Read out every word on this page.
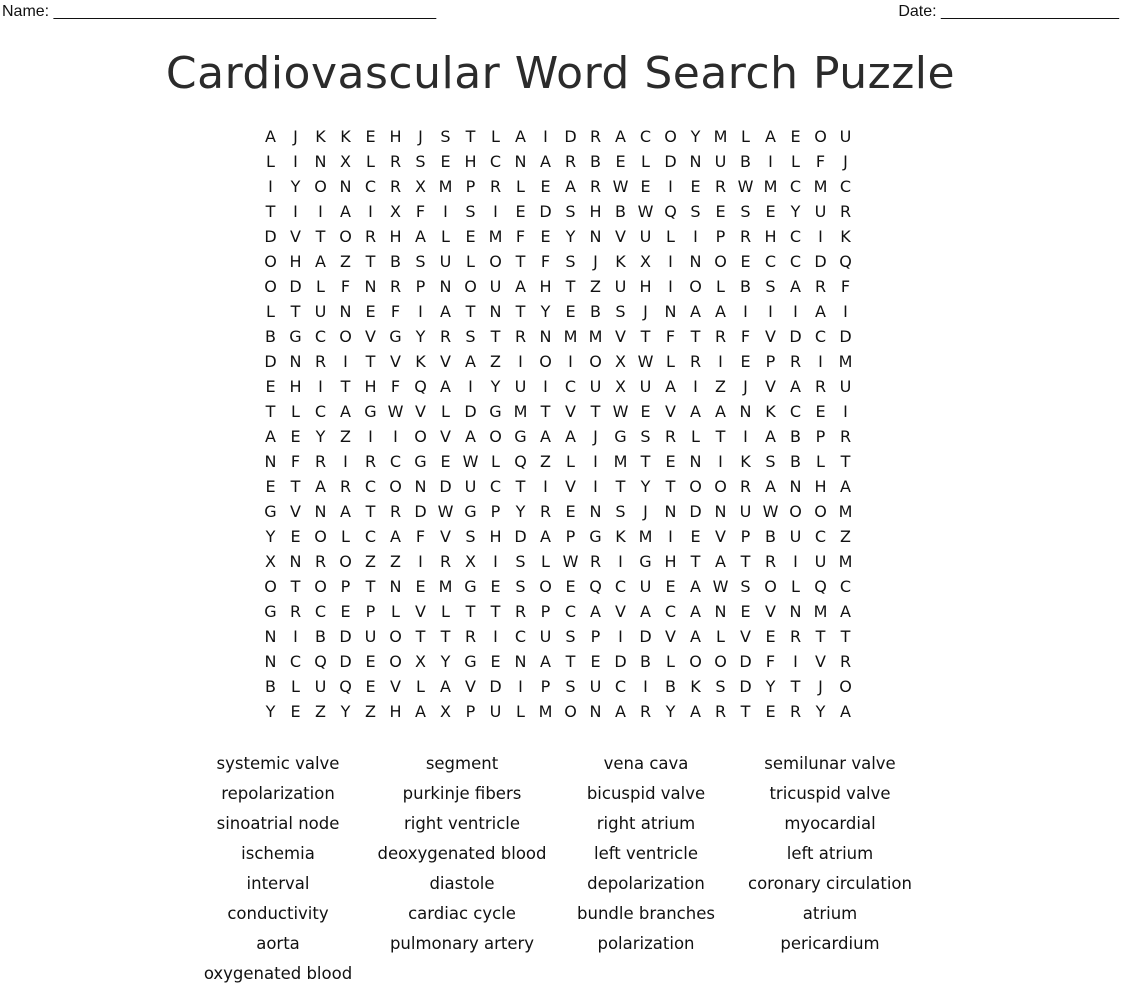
Name: ___________________________________________	Date: ____________________
Cardiovascular Word Search Puzzle
A	J	K K E H	J	S T L A	I	D R A C O Y M L A E O U
L	I	N X L R S E H C N A R B E L D N U B	I	L F	J
I	Y O N C R X M P R L E A R W E	I	E R W M C M C
T	I	I	A	I	X F	I	S	I	E D S H B W Q S E S E Y U R
D V T O R H A L E M F E Y N V U L	I	P R H C	I	K
O H A Z T B S U L O T F S	J	K X	I	N O E C C D Q
O D L F N R P N O U A H T Z U H	I	O L B S A R F
L T U N E F	I	A T N T Y E B S	J	N A A	I	I	I	A	I
B G C O V G Y R S T R N M M V T F T R F V D C D
D N R	I	T V K V A Z	I	O	I	O X W L R	I	E P R	I M
E H	I	T H F Q A	I	Y U	I	C U X U A	I	Z	J	V A R U
T L C A G W V L D G M T V T W E V A A N K C E	I
A E Y Z	I	I	O V A O G A A	J	G S R L T	I	A B P R
N F R	I	R C G E W L Q Z L	I M T E N	I	K S B L T
E T A R C O N D U C T	I	V	I	T Y T O O R A N H A
G V N A T R D W G P Y R E N S	J	N D N U W O O M
Y E O L C A F V S H D A P G K M I	E V P B U C Z
X N R O Z Z	I	R X	I	S L W R	I	G H T A T R	I	U M
O T O P T N E M G E S O E Q C U E A W S O L Q C
G R C E P L V L T T R P C A V A C A N E V N M A
N	I	B D U O T T R	I	C U S P	I	D V A L V E R T T
N C Q D E O X Y G E N A T E D B L O O D F	I	V R
B L U Q E V L A V D	I	P S U C	I	B K S D Y T	J	O
Y E Z Y Z H A X P U L M O N A R Y A R T E R Y A
systemic valve	segment	vena cava	semilunar valve
repolarization	purkinje fibers	bicuspid valve	tricuspid valve
sinoatrial node	right ventricle	right atrium	myocardial
ischemia	deoxygenated blood	left ventricle	left atrium
interval	diastole	depolarization	coronary circulation
conductivity	cardiac cycle	bundle branches	atrium
aorta	pulmonary artery	polarization	pericardium
oxygenated blood
